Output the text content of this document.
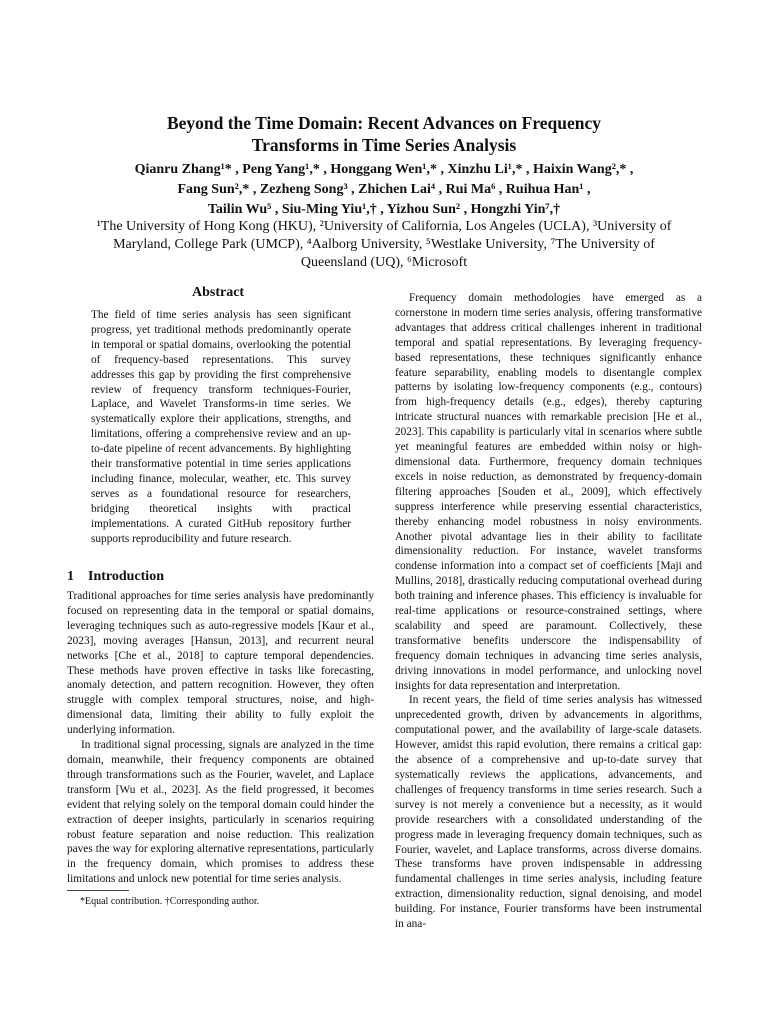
Beyond the Time Domain: Recent Advances on Frequency
Transforms in Time Series Analysis
Qianru Zhang¹* , Peng Yang¹,* , Honggang Wen¹,* , Xinzhu Li¹,* , Haixin Wang²,* ,
Fang Sun²,* , Zezheng Song³ , Zhichen Lai⁴ , Rui Ma⁶ , Ruihua Han¹ ,
Tailin Wu⁵ , Siu-Ming Yiu¹,† , Yizhou Sun² , Hongzhi Yin⁷,†
¹The University of Hong Kong (HKU), ²University of California, Los Angeles (UCLA), ³University of
Maryland, College Park (UMCP), ⁴Aalborg University, ⁵Westlake University, ⁷The University of
Queensland (UQ), ⁶Microsoft
Abstract
The field of time series analysis has seen significant progress, yet traditional methods predominantly operate in temporal or spatial domains, overlooking the potential of frequency-based representations. This survey addresses this gap by providing the first comprehensive review of frequency transform techniques-Fourier, Laplace, and Wavelet Transforms-in time series. We systematically explore their applications, strengths, and limitations, offering a comprehensive review and an up-to-date pipeline of recent advancements. By highlighting their transformative potential in time series applications including finance, molecular, weather, etc. This survey serves as a foundational resource for researchers, bridging theoretical insights with practical implementations. A curated GitHub repository further supports reproducibility and future research.
1 Introduction

Traditional approaches for time series analysis have predominantly focused on representing data in the temporal or spatial domains, leveraging techniques such as auto-regressive models [Kaur et al., 2023], moving averages [Hansun, 2013], and recurrent neural networks [Che et al., 2018] to capture temporal dependencies. These methods have proven effective in tasks like forecasting, anomaly detection, and pattern recognition. However, they often struggle with complex temporal structures, noise, and high-dimensional data, limiting their ability to fully exploit the underlying information.

In traditional signal processing, signals are analyzed in the time domain, meanwhile, their frequency components are obtained through transformations such as the Fourier, wavelet, and Laplace transform [Wu et al., 2023]. As the field progressed, it becomes evident that relying solely on the temporal domain could hinder the extraction of deeper insights, particularly in scenarios requiring robust feature separation and noise reduction. This realization paves the way for exploring alternative representations, particularly in the frequency domain, which promises to address these limitations and unlock new potential for time series analysis.

*Equal contribution. †Corresponding author.

Frequency domain methodologies have emerged as a cornerstone in modern time series analysis, offering transformative advantages that address critical challenges inherent in traditional temporal and spatial representations. By leveraging frequency-based representations, these techniques significantly enhance feature separability, enabling models to disentangle complex patterns by isolating low-frequency components (e.g., contours) from high-frequency details (e.g., edges), thereby capturing intricate structural nuances with remarkable precision [He et al., 2023]. This capability is particularly vital in scenarios where subtle yet meaningful features are embedded within noisy or high-dimensional data. Furthermore, frequency domain techniques excels in noise reduction, as demonstrated by frequency-domain filtering approaches [Souden et al., 2009], which effectively suppress interference while preserving essential characteristics, thereby enhancing model robustness in noisy environments. Another pivotal advantage lies in their ability to facilitate dimensionality reduction. For instance, wavelet transforms condense information into a compact set of coefficients [Maji and Mullins, 2018], drastically reducing computational overhead during both training and inference phases. This efficiency is invaluable for real-time applications or resource-constrained settings, where scalability and speed are paramount. Collectively, these transformative benefits underscore the indispensability of frequency domain techniques in advancing time series analysis, driving innovations in model performance, and unlocking novel insights for data representation and interpretation.

In recent years, the field of time series analysis has witnessed unprecedented growth, driven by advancements in algorithms, computational power, and the availability of large-scale datasets. However, amidst this rapid evolution, there remains a critical gap: the absence of a comprehensive and up-to-date survey that systematically reviews the applications, advancements, and challenges of frequency transforms in time series research. Such a survey is not merely a convenience but a necessity, as it would provide researchers with a consolidated understanding of the progress made in leveraging frequency domain techniques, such as Fourier, wavelet, and Laplace transforms, across diverse domains. These transforms have proven indispensable in addressing fundamental challenges in time series analysis, including feature extraction, dimensionality reduction, signal denoising, and model building. For instance, Fourier transforms have been instrumental in ana-
